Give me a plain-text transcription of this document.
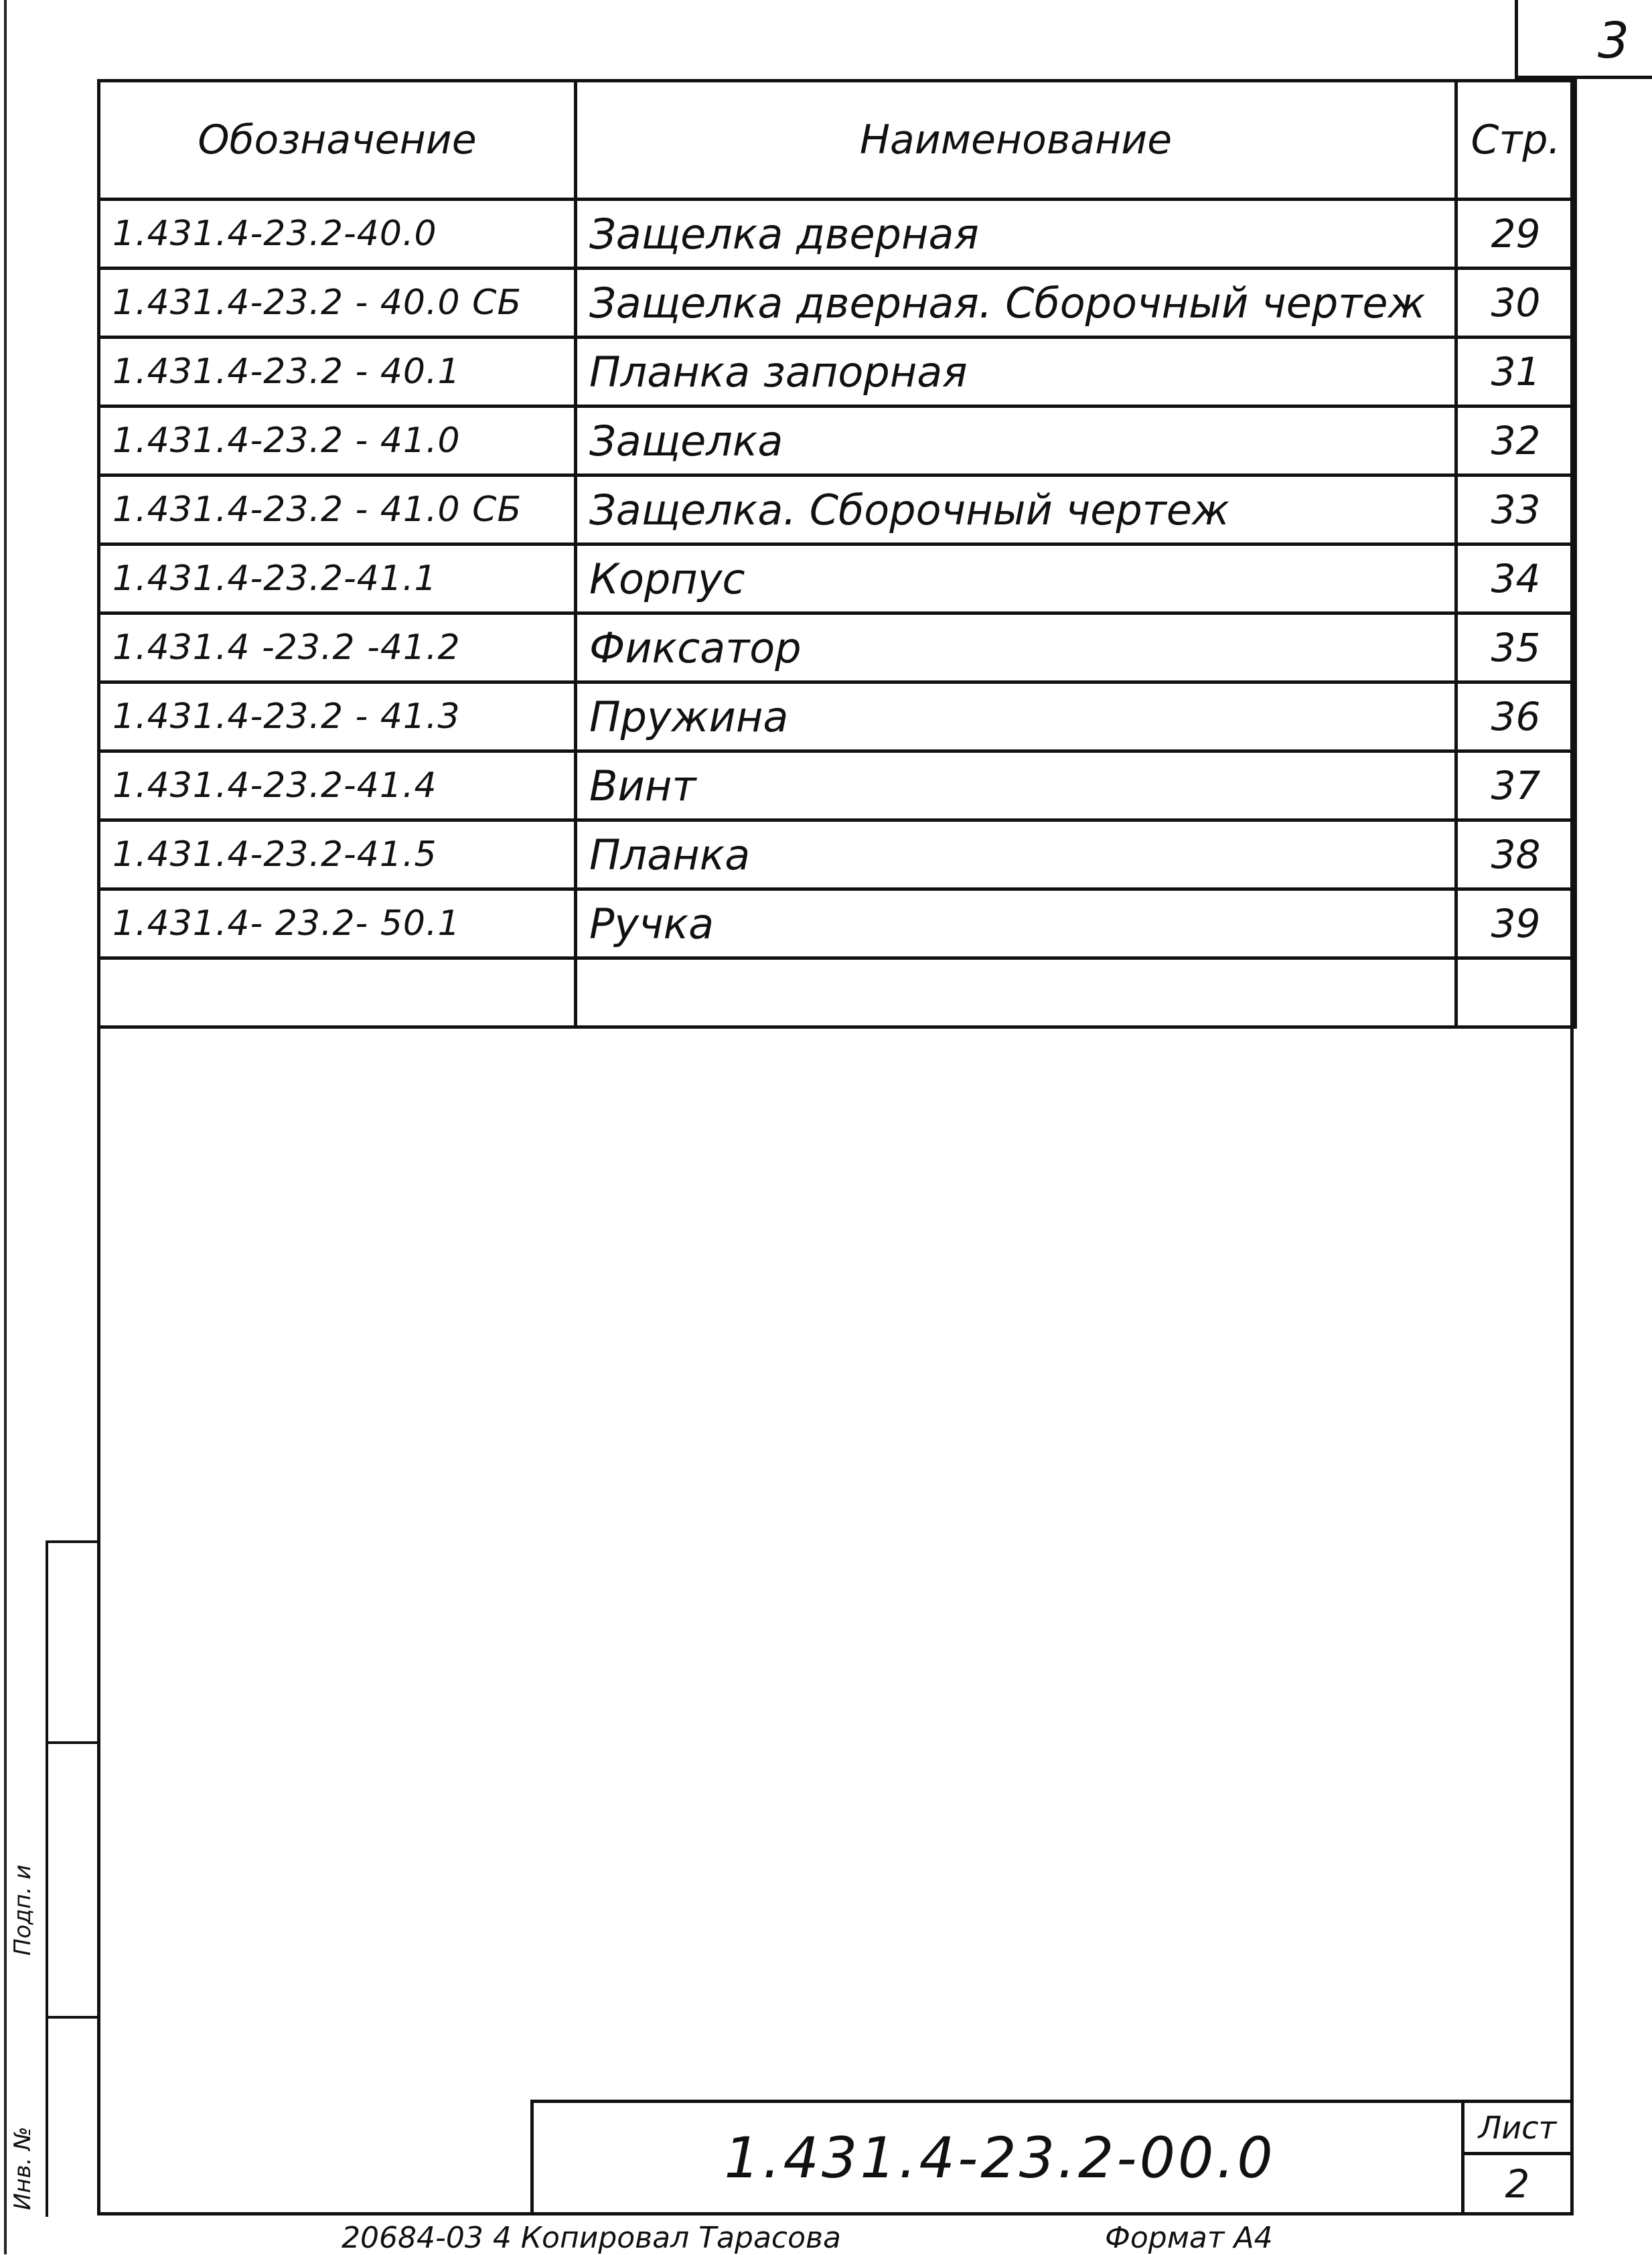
3
Подп. и
Инв. №
Обозначение	Наименование	Стр.
1.431.4-23.2-40.0	Защелка дверная	29
1.431.4-23.2 - 40.0 СБ	Защелка дверная. Сборочный чертеж	30
1.431.4-23.2 - 40.1	Планка запорная	31
1.431.4-23.2 - 41.0	Защелка	32
1.431.4-23.2 - 41.0 СБ	Защелка. Сборочный чертеж	33
1.431.4-23.2-41.1	Корпус	34
1.431.4 -23.2 -41.2	Фиксатор	35
1.431.4-23.2 - 41.3	Пружина	36
1.431.4-23.2-41.4	Винт	37
1.431.4-23.2-41.5	Планка	38
1.431.4- 23.2- 50.1	Ручка	39

1.431.4-23.2-00.0	Лист
2
20684-03 4 Копировал Тарасова	Формат А4
